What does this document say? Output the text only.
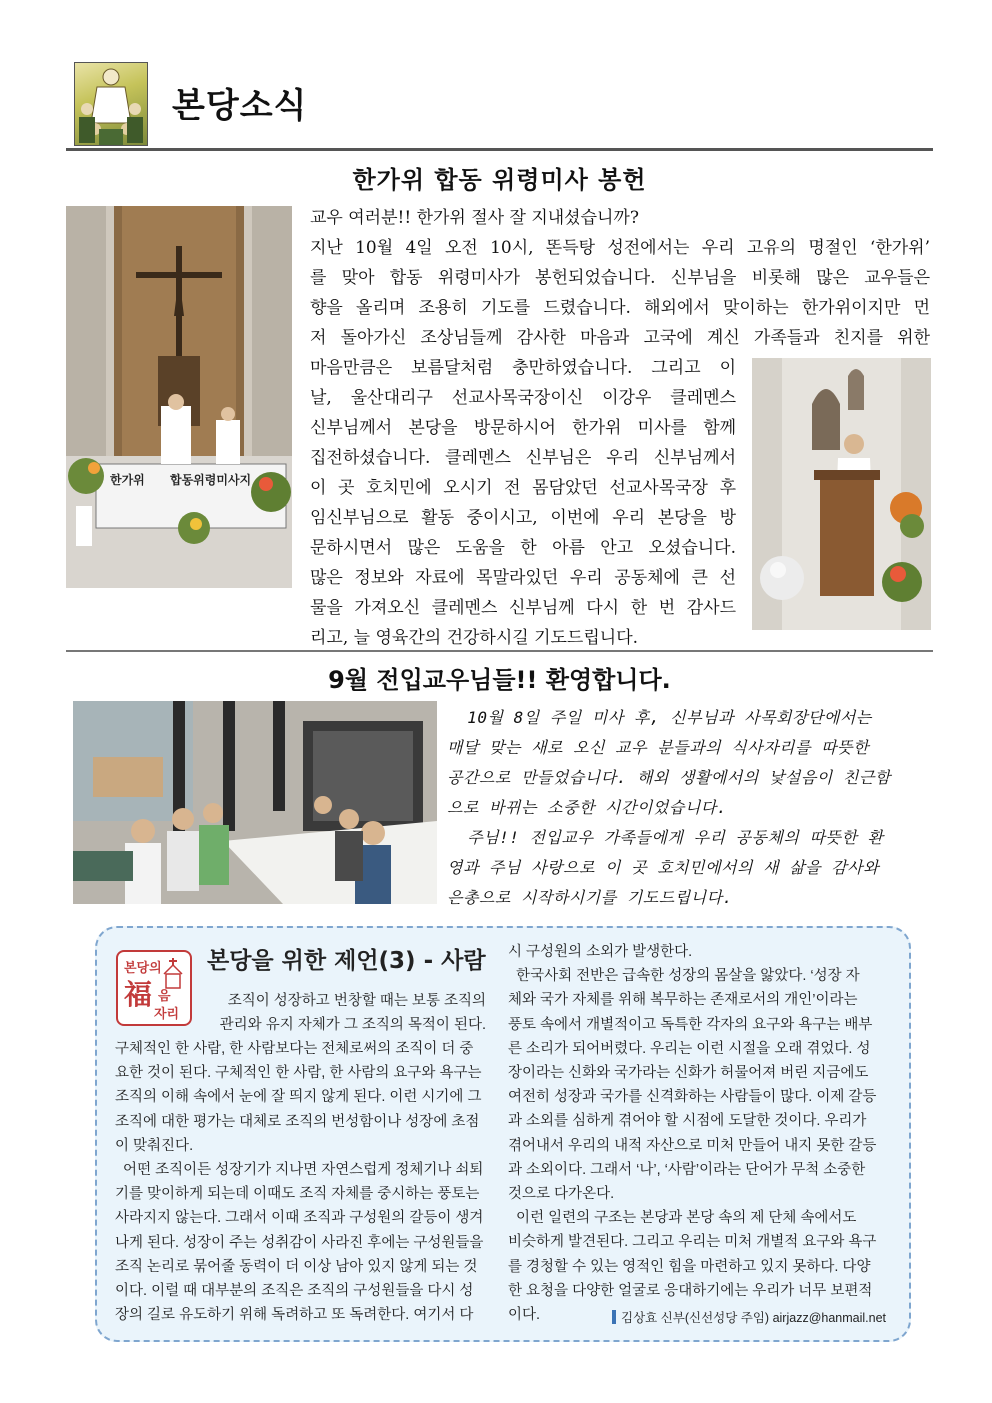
본당소식
한가위 합동 위령미사 봉헌
한가위 합동위령미사지
교우 여러분!! 한가위 절사 잘 지내셨습니까?
지난 10월 4일 오전 10시, 똔득탕 성전에서는 우리 고유의 명절인 ‘한가위’
를 맞아 합동 위령미사가 봉헌되었습니다. 신부님을 비롯해 많은 교우들은
향을 올리며 조용히 기도를 드렸습니다. 해외에서 맞이하는 한가위이지만 먼
저 돌아가신 조상님들께 감사한 마음과 고국에 계신 가족들과 친지를 위한
마음만큼은 보름달처럼 충만하였습니다. 그리고 이
날, 울산대리구 선교사목국장이신 이강우 클레멘스
신부님께서 본당을 방문하시어 한가위 미사를 함께
집전하셨습니다. 클레멘스 신부님은 우리 신부님께서
이 곳 호치민에 오시기 전 몸담았던 선교사목국장 후
임신부님으로 활동 중이시고, 이번에 우리 본당을 방
문하시면서 많은 도움을 한 아름 안고 오셨습니다.
많은 정보와 자료에 목말라있던 우리 공동체에 큰 선
물을 가져오신 클레멘스 신부님께 다시 한 번 감사드
리고, 늘 영육간의 건강하시길 기도드립니다.
9월 전입교우님들!! 환영합니다.
10월 8일 주일 미사 후, 신부님과 사목회장단에서는
매달 맞는 새로 오신 교우 분들과의 식사자리를 따뜻한
공간으로 만들었습니다. 해외 생활에서의 낯설음이 친근함
으로 바뀌는 소중한 시간이었습니다.
주님!! 전입교우 가족들에게 우리 공동체의 따뜻한 환
영과 주님 사랑으로 이 곳 호치민에서의 새 삶을 감사와
은총으로 시작하시기를 기도드립니다.
본당의
福 음
자리
본당을 위한 제언(3) - 사람
조직이 성장하고 번창할 때는 보통 조직의
관리와 유지 자체가 그 조직의 목적이 된다.
구체적인 한 사람, 한 사람보다는 전체로써의 조직이 더 중
요한 것이 된다. 구체적인 한 사람, 한 사람의 요구와 욕구는
조직의 이해 속에서 눈에 잘 띄지 않게 된다. 이런 시기에 그
조직에 대한 평가는 대체로 조직의 번성함이나 성장에 초점
이 맞춰진다.
어떤 조직이든 성장기가 지나면 자연스럽게 정체기나 쇠퇴
기를 맞이하게 되는데 이때도 조직 자체를 중시하는 풍토는
사라지지 않는다. 그래서 이때 조직과 구성원의 갈등이 생겨
나게 된다. 성장이 주는 성취감이 사라진 후에는 구성원들을
조직 논리로 묶어줄 동력이 더 이상 남아 있지 않게 되는 것
이다. 이럴 때 대부분의 조직은 조직의 구성원들을 다시 성
장의 길로 유도하기 위해 독려하고 또 독려한다. 여기서 다
시 구성원의 소외가 발생한다.
한국사회 전반은 급속한 성장의 몸살을 앓았다. ‘성장 자
체와 국가 자체를 위해 복무하는 존재로서의 개인’이라는
풍토 속에서 개별적이고 독특한 각자의 요구와 욕구는 배부
른 소리가 되어버렸다. 우리는 이런 시절을 오래 겪었다. 성
장이라는 신화와 국가라는 신화가 허물어져 버린 지금에도
여전히 성장과 국가를 신격화하는 사람들이 많다. 이제 갈등
과 소외를 심하게 겪어야 할 시점에 도달한 것이다. 우리가
겪어내서 우리의 내적 자산으로 미처 만들어 내지 못한 갈등
과 소외이다. 그래서 ‘나’, ‘사람’이라는 단어가 무척 소중한
것으로 다가온다.
이런 일련의 구조는 본당과 본당 속의 제 단체 속에서도
비슷하게 발견된다. 그리고 우리는 미처 개별적 요구와 욕구
를 경청할 수 있는 영적인 힘을 마련하고 있지 못하다. 다양
한 요청을 다양한 얼굴로 응대하기에는 우리가 너무 보편적
이다.	김상효 신부(신선성당 주임) airjazz@hanmail.net
